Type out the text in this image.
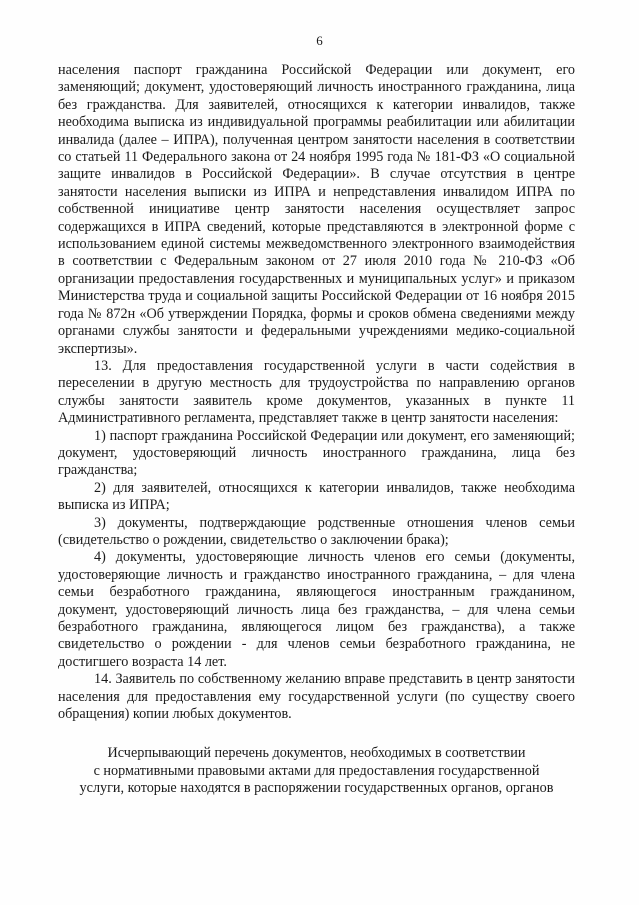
6

населения паспорт гражданина Российской Федерации или документ, его заменяющий; документ, удостоверяющий личность иностранного гражданина, лица без гражданства. Для заявителей, относящихся к категории инвалидов, также необходима выписка из индивидуальной программы реабилитации или абилитации инвалида (далее – ИПРА), полученная центром занятости населения в соответствии со статьей 11 Федерального закона от 24 ноября 1995 года № 181-ФЗ «О социальной защите инвалидов в Российской Федерации». В случае отсутствия в центре занятости населения выписки из ИПРА и непредставления инвалидом ИПРА по собственной инициативе центр занятости населения осуществляет запрос содержащихся в ИПРА сведений, которые представляются в электронной форме с использованием единой системы межведомственного электронного взаимодействия в соответствии с Федеральным законом от 27 июля 2010 года № 210-ФЗ «Об организации предоставления государственных и муниципальных услуг» и приказом Министерства труда и социальной защиты Российской Федерации от 16 ноября 2015 года № 872н «Об утверждении Порядка, формы и сроков обмена сведениями между органами службы занятости и федеральными учреждениями медико-социальной экспертизы».

13. Для предоставления государственной услуги в части содействия в переселении в другую местность для трудоустройства по направлению органов службы занятости заявитель кроме документов, указанных в пункте 11 Административного регламента, представляет также в центр занятости населения:

1) паспорт гражданина Российской Федерации или документ, его заменяющий; документ, удостоверяющий личность иностранного гражданина, лица без гражданства;

2) для заявителей, относящихся к категории инвалидов, также необходима выписка из ИПРА;

3) документы, подтверждающие родственные отношения членов семьи (свидетельство о рождении, свидетельство о заключении брака);

4) документы, удостоверяющие личность членов его семьи (документы, удостоверяющие личность и гражданство иностранного гражданина, – для члена семьи безработного гражданина, являющегося иностранным гражданином, документ, удостоверяющий личность лица без гражданства, – для члена семьи безработного гражданина, являющегося лицом без гражданства), а также свидетельство о рождении - для членов семьи безработного гражданина, не достигшего возраста 14 лет.

14. Заявитель по собственному желанию вправе представить в центр занятости населения для предоставления ему государственной услуги (по существу своего обращения) копии любых документов.

Исчерпывающий перечень документов, необходимых в соответствии
с нормативными правовыми актами для предоставления государственной
услуги, которые находятся в распоряжении государственных органов, органов
